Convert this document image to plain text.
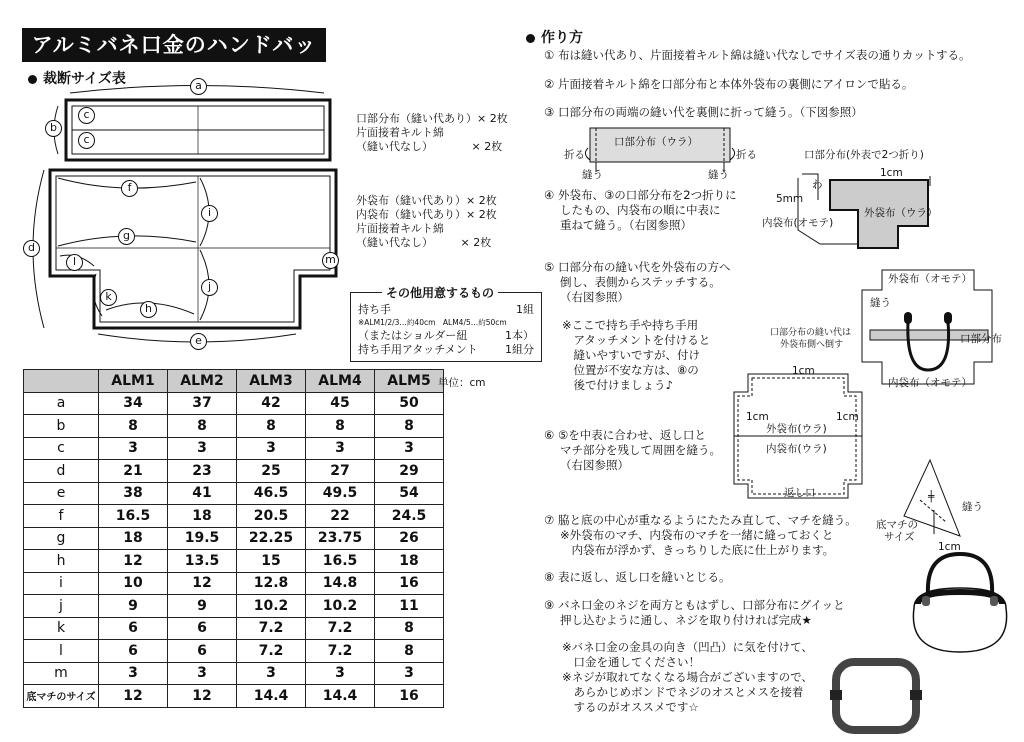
アルミバネ口金のハンドバッグ
裁断サイズ表	a
b
c
c
d
f
g
i
l	m
j
k
h
e
口部分布（縫い代あり）× 2枚
片面接着キルト綿
（縫い代なし）　　　　× 2枚
外袋布（縫い代あり）× 2枚
内袋布（縫い代あり）× 2枚
片面接着キルト綿
（縫い代なし）　　　× 2枚
その他用意するもの
持ち手	1組
※ALM1/2/3…約40cm　ALM4/5…約50cm
（またはショルダー紐	1本）
持ち手用アタッチメント 1組分
	ALM1	ALM2	ALM3	ALM4	ALM5
a	34	37	42	45	50
b	8	8	8	8	8
c	3	3	3	3	3
d	21	23	25	27	29
e	38	41	46.5	49.5	54
f	16.5	18	20.5	22	24.5
g	18	19.5	22.25	23.75	26
h	12	13.5	15	16.5	18
i	10	12	12.8	14.8	16
j	9	9	10.2	10.2	11
k	6	6	7.2	7.2	8
l	6	6	7.2	7.2	8
m	3	3	3	3	3
底マチのサイズ	12	12	14.4	14.4	16
単位：cm
作り方
① 布は縫い代あり、片面接着キルト綿は縫い代なしでサイズ表の通りカットする。
② 片面接着キルト綿を口部分布と本体外袋布の裏側にアイロンで貼る。
③ 口部分布の両端の縫い代を裏側に折って縫う。（下図参照）
口部分布（ウラ）
折る	折る
縫う	縫う
④ 外袋布、③の口部分布を2つ折りに
したもの、内袋布の順に中表に
重ねて縫う。（右図参照）
口部分布(外表で2つ折り)
1cm
わ
5mm
外袋布（ウラ）
内袋布(オモテ)
⑤ 口部分布の縫い代を外袋布の方へ
倒し、表側からステッチする。
（右図参照）
※ここで持ち手や持ち手用
　アタッチメントを付けると
　縫いやすいですが、付け
　位置が不安な方は、⑧の
　後で付けましょう♪
外袋布（オモテ）
縫う
口部分布の縫い代は
外袋布側へ倒す	口部分布
内袋布（オモテ）
⑥ ⑤を中表に合わせ、返し口と
マチ部分を残して周囲を縫う。
（右図参照）
1cm
1cm	1cm
外袋布(ウラ)
内袋布(ウラ)
返し口
⑦ 脇と底の中心が重なるようにたたみ直して、マチを縫う。
※外袋布のマチ、内袋布のマチを一緒に縫っておくと
　内袋布が浮かず、きっちりした底に仕上がります。
╪
縫う
底マチの
サイズ
1cm
⑧ 表に返し、返し口を縫いとじる。
⑨ バネ口金のネジを両方ともはずし、口部分布にグイッと
押し込むように通し、ネジを取り付ければ完成★
※バネ口金の金具の向き（凹凸）に気を付けて、
　口金を通してください！
※ネジが取れてなくなる場合がございますので、
　あらかじめボンドでネジのオスとメスを接着
　するのがオススメです☆
